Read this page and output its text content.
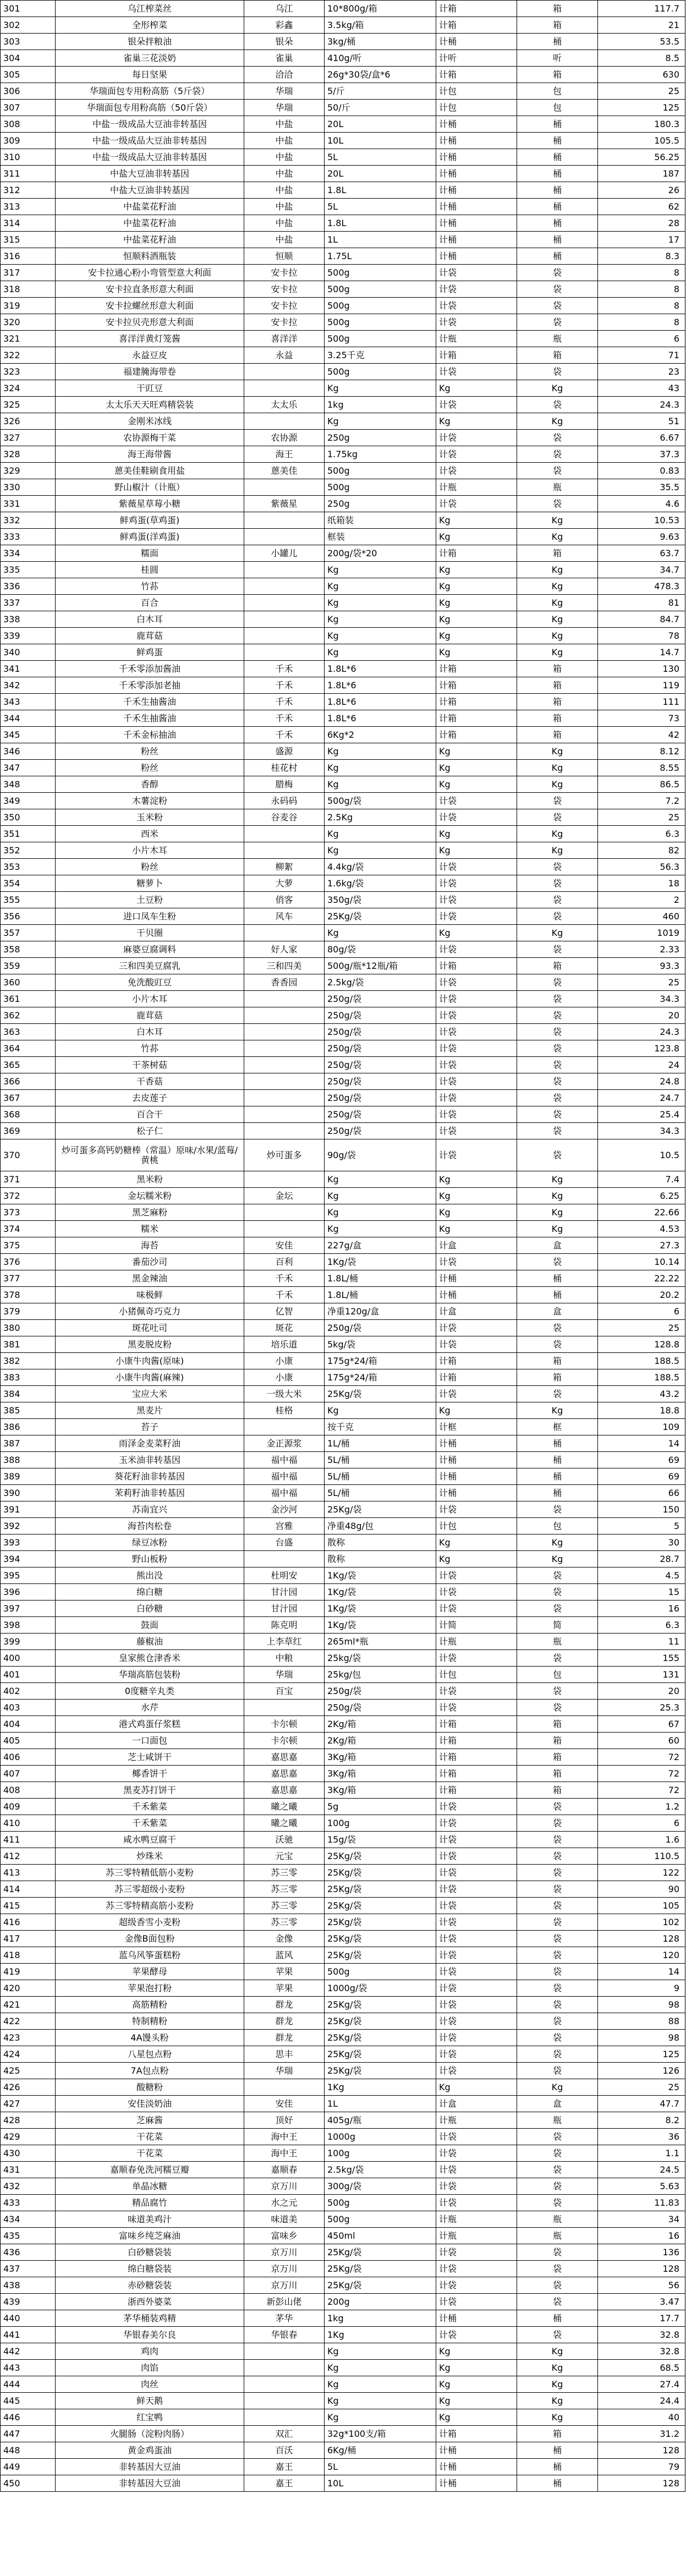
301	乌江榨菜丝	乌江	10*800g/箱	计箱	箱	117.7
302	全形榨菜	彩鑫	3.5kg/箱	计箱	箱	21
303	银朵拌粮油	银朵	3kg/桶	计桶	桶	53.5
304	雀巢三花淡奶	雀巢	410g/听	计听	听	8.5
305	每日坚果	洽洽	26g*30袋/盒*6	计箱	箱	630
306	华瑞面包专用粉高筋（5斤袋）	华瑞	5/斤	计包	包	25
307	华瑞面包专用粉高筋（50斤袋）	华瑞	50/斤	计包	包	125
308	中盐一级成品大豆油非转基因	中盐	20L	计桶	桶	180.3
309	中盐一级成品大豆油非转基因	中盐	10L	计桶	桶	105.5
310	中盐一级成品大豆油非转基因	中盐	5L	计桶	桶	56.25
311	中盐大豆油非转基因	中盐	20L	计桶	桶	187
312	中盐大豆油非转基因	中盐	1.8L	计桶	桶	26
313	中盐菜花籽油	中盐	5L	计桶	桶	62
314	中盐菜花籽油	中盐	1.8L	计桶	桶	28
315	中盐菜花籽油	中盐	1L	计桶	桶	17
316	恒顺料酒瓶装	恒顺	1.75L	计桶	桶	8.3
317	安卡拉通心粉小弯管型意大利面	安卡拉	500g	计袋	袋	8
318	安卡拉直条形意大利面	安卡拉	500g	计袋	袋	8
319	安卡拉螺丝形意大利面	安卡拉	500g	计袋	袋	8
320	安卡拉贝壳形意大利面	安卡拉	500g	计袋	袋	8
321	喜洋洋黄灯笼酱	喜洋洋	500g	计瓶	瓶	6
322	永益豆皮	永益	3.25千克	计箱	箱	71
323	福建腌海带卷		500g	计袋	袋	23
324	干豇豆		Kg	Kg	Kg	43
325	太太乐天天旺鸡精袋装	太太乐	1kg	计袋	袋	24.3
326	金刚米冰线		Kg	Kg	Kg	51
327	农协源梅干菜	农协源	250g	计袋	袋	6.67
328	海王海带酱	海王	1.75kg	计袋	袋	37.3
329	蒽美佳鞋刷食用盐	蒽美佳	500g	计袋	袋	0.83
330	野山椒汁（计瓶）		500g	计瓶	瓶	35.5
331	紫薇星草莓小糖	紫薇星	250g	计袋	袋	4.6
332	鲜鸡蛋(草鸡蛋)		纸箱装	Kg	Kg	10.53
333	鲜鸡蛋(洋鸡蛋)		框装	Kg	Kg	9.63
334	糯面	小罐儿	200g/袋*20	计箱	箱	63.7
335	桂圆		Kg	Kg	Kg	34.7
336	竹荪		Kg	Kg	Kg	478.3
337	百合		Kg	Kg	Kg	81
338	白木耳		Kg	Kg	Kg	84.7
339	鹿茸菇		Kg	Kg	Kg	78
340	鲜鸡蛋		Kg	Kg	Kg	14.7
341	千禾零添加酱油	千禾	1.8L*6	计箱	箱	130
342	千禾零添加老抽	千禾	1.8L*6	计箱	箱	119
343	千禾生抽酱油	千禾	1.8L*6	计箱	箱	111
344	千禾生抽酱油	千禾	1.8L*6	计箱	箱	73
345	千禾金标抽油	千禾	6Kg*2	计箱	箱	42
346	粉丝	盛源	Kg	Kg	Kg	8.12
347	粉丝	桂花村	Kg	Kg	Kg	8.55
348	香醇	腊梅	Kg	Kg	Kg	86.5
349	木薯淀粉	永码码	500g/袋	计袋	袋	7.2
350	玉米粉	谷麦谷	2.5Kg	计袋	袋	25
351	西米		Kg	Kg	Kg	6.3
352	小片木耳		Kg	Kg	Kg	82
353	粉丝	柳絮	4.4kg/袋	计袋	袋	56.3
354	糖萝卜	大萝	1.6kg/袋	计袋	袋	18
355	土豆粉	俏客	350g/袋	计袋	袋	2
356	进口凤车生粉	风车	25Kg/袋	计袋	袋	460
357	干贝圈		Kg	Kg	Kg	1019
358	麻婆豆腐调料	好人家	80g/袋	计袋	袋	2.33
359	三和四美豆腐乳	三和四美	500g/瓶*12瓶/箱	计箱	箱	93.3
360	免洗酸豇豆	香香园	2.5kg/袋	计袋	袋	25
361	小片木耳		250g/袋	计袋	袋	34.3
362	鹿茸菇		250g/袋	计袋	袋	20
363	白木耳		250g/袋	计袋	袋	24.3
364	竹荪		250g/袋	计袋	袋	123.8
365	干茶树菇		250g/袋	计袋	袋	24
366	干香菇		250g/袋	计袋	袋	24.8
367	去皮莲子		250g/袋	计袋	袋	24.7
368	百合干		250g/袋	计袋	袋	25.4
369	松子仁		250g/袋	计袋	袋	34.3
370	炒可蛋多高钙奶糖棒（常温）原味/水果/蓝莓/黄桃	炒可蛋多	90g/袋	计袋	袋	10.5
371	黑米粉		Kg	Kg	Kg	7.4
372	金坛糯米粉	金坛	Kg	Kg	Kg	6.25
373	黑芝麻粉		Kg	Kg	Kg	22.66
374	糯米		Kg	Kg	Kg	4.53
375	海苔	安佳	227g/盒	计盒	盒	27.3
376	番茄沙司	百利	1Kg/袋	计袋	袋	10.14
377	黑金辣油	千禾	1.8L/桶	计桶	桶	22.22
378	味极鲜	千禾	1.8L/桶	计桶	桶	20.2
379	小猪佩奇巧克力	亿智	净重120g/盒	计盒	盒	6
380	斑花吐司	斑花	250g/袋	计袋	袋	25
381	黑麦脱皮粉	培乐道	5kg/袋	计袋	袋	128.8
382	小康牛肉酱(原味)	小康	175g*24/箱	计箱	箱	188.5
383	小康牛肉酱(麻辣)	小康	175g*24/箱	计箱	箱	188.5
384	宝应大米	一级大米	25Kg/袋	计袋	袋	43.2
385	黑麦片	桂格	Kg	Kg	Kg	18.8
386	苔子		按千克	计框	框	109
387	雨泽金麦菜籽油	金正源浆	1L/桶	计桶	桶	14
388	玉米油非转基因	福中福	5L/桶	计桶	桶	69
389	葵花籽油非转基因	福中福	5L/桶	计桶	桶	69
390	茉莉籽油非转基因	福中福	5L/桶	计桶	桶	66
391	苏南宜兴	金沙河	25Kg/袋	计袋	袋	150
392	海苔肉松卷	宫雅	净重48g/包	计包	包	5
393	绿豆冰粉	台盛	散称	Kg	Kg	30
394	野山板粉		散称	Kg	Kg	28.7
395	熊出没	杜明安	1Kg/袋	计袋	袋	4.5
396	绵白糖	甘汁园	1Kg/袋	计袋	袋	15
397	白砂糖	甘汁园	1Kg/袋	计袋	袋	16
398	鼓面	陈克明	1Kg/袋	计简	简	6.3
399	藤椒油	上李草红	265ml*瓶	计瓶	瓶	11
400	皇家熊仓津香米	中粮	25kg/袋	计袋	袋	155
401	华瑞高筋包装粉	华瑞	25kg/包	计包	包	131
402	0度糖辛丸类	百宝	250g/袋	计袋	袋	20
403	水芹		250g/袋	计袋	袋	25.3
404	港式鸡蛋仔浆糕	卡尔顿	2Kg/箱	计箱	箱	67
405	一口面包	卡尔顿	2Kg/箱	计箱	箱	60
406	芝士咸饼干	嘉思嘉	3Kg/箱	计箱	箱	72
407	椰香饼干	嘉思嘉	3Kg/箱	计箱	箱	72
408	黑麦苏打饼干	嘉思嘉	3Kg/箱	计箱	箱	72
409	千禾紫菜	曦之曦	5g	计袋	袋	1.2
410	千禾紫菜	曦之曦	100g	计袋	袋	6
411	咸水鸭豆腐干	沃驰	15g/袋	计袋	袋	1.6
412	炒珠米	元宝	25Kg/袋	计袋	袋	110.5
413	苏三零特精低筋小麦粉	苏三零	25Kg/袋	计袋	袋	122
414	苏三零超级小麦粉	苏三零	25Kg/袋	计袋	袋	90
415	苏三零特精高筋小麦粉	苏三零	25Kg/袋	计袋	袋	105
416	超级香雪小麦粉	苏三零	25Kg/袋	计袋	袋	102
417	金像B面包粉	金像	25Kg/袋	计袋	袋	128
418	蓝乌风筝蛋糕粉	蓝风	25Kg/袋	计袋	袋	120
419	苹果酵母	苹果	500g	计袋	袋	14
420	苹果泡打粉	苹果	1000g/袋	计袋	袋	9
421	高筋精粉	群龙	25Kg/袋	计袋	袋	98
422	特制精粉	群龙	25Kg/袋	计袋	袋	88
423	4A馒头粉	群龙	25Kg/袋	计袋	袋	98
424	八星包点粉	思丰	25Kg/袋	计袋	袋	125
425	7A包点粉	华瑞	25Kg/袋	计袋	袋	126
426	酸糖粉		1Kg	Kg	Kg	25
427	安佳淡奶油	安佳	1L	计盒	盒	47.7
428	芝麻酱	顶好	405g/瓶	计瓶	瓶	8.2
429	干花菜	海中王	1000g	计袋	袋	36
430	干花菜	海中王	100g	计袋	袋	1.1
431	嘉顺春免洗河糯豆瓣	嘉顺春	2.5kg/袋	计袋	袋	24.5
432	单晶冰糖	京万川	300g/袋	计袋	袋	5.63
433	精品腐竹	水之元	500g	计袋	袋	11.83
434	味道美鸡汁	味道美	500g	计瓶	瓶	34
435	富味乡纯芝麻油	富味乡	450ml	计瓶	瓶	16
436	白砂糖袋装	京万川	25Kg/袋	计袋	袋	136
437	绵白糖袋装	京万川	25Kg/袋	计袋	袋	128
438	赤砂糖袋装	京万川	25Kg/袋	计袋	袋	56
439	浙西外婆菜	新彭山佬	200g	计袋	袋	3.47
440	茅华桶装鸡精	茅华	1kg	计桶	桶	17.7
441	华银春美尔良	华银春	1Kg	计袋	袋	32.8
442	鸡肉		Kg	Kg	Kg	32.8
443	肉馅		Kg	Kg	Kg	68.5
444	肉丝		Kg	Kg	Kg	27.4
445	鲜天鹅		Kg	Kg	Kg	24.4
446	红宝鸭		Kg	Kg	Kg	40
447	火腿肠（淀粉肉肠）	双汇	32g*100支/箱	计箱	箱	31.2
448	黄金鸡蛋油	百沃	6Kg/桶	计桶	桶	128
449	非转基因大豆油	嘉王	5L	计桶	桶	79
450	非转基因大豆油	嘉王	10L	计桶	桶	128
